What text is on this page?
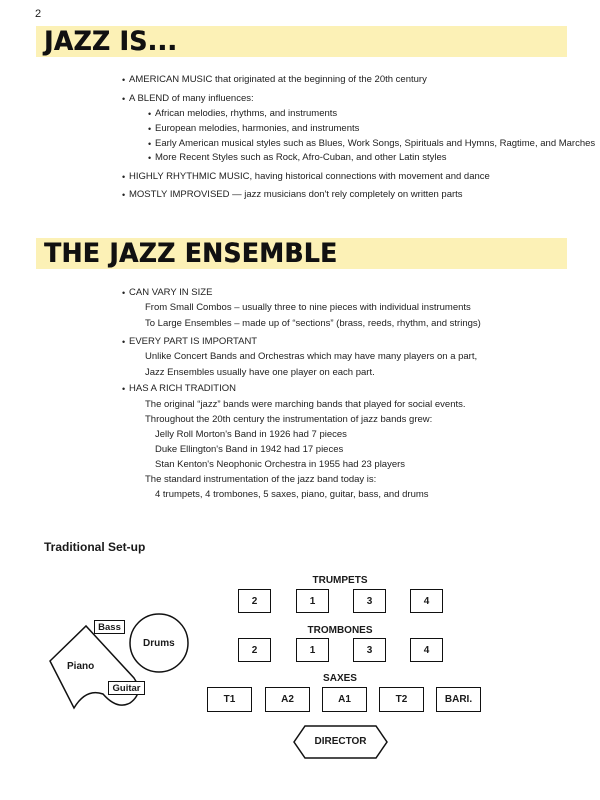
2
JAZZ IS...
• AMERICAN MUSIC that originated at the beginning of the 20th century
• A BLEND of many influences:
• African melodies, rhythms, and instruments
• European melodies, harmonies, and instruments
• Early American musical styles such as Blues, Work Songs, Spirituals and Hymns, Ragtime, and Marches
• More Recent Styles such as Rock, Afro-Cuban, and other Latin styles
• HIGHLY RHYTHMIC MUSIC, having historical connections with movement and dance
• MOSTLY IMPROVISED — jazz musicians don't rely completely on written parts
THE JAZZ ENSEMBLE
• CAN VARY IN SIZE
From Small Combos – usually three to nine pieces with individual instruments
To Large Ensembles – made up of “sections” (brass, reeds, rhythm, and strings)
• EVERY PART IS IMPORTANT
Unlike Concert Bands and Orchestras which may have many players on a part,
Jazz Ensembles usually have one player on each part.
• HAS A RICH TRADITION
The original “jazz” bands were marching bands that played for social events.
Throughout the 20th century the instrumentation of jazz bands grew:
Jelly Roll Morton's Band in 1926 had 7 pieces
Duke Ellington's Band in 1942 had 17 pieces
Stan Kenton's Neophonic Orchestra in 1955 had 23 players
The standard instrumentation of the jazz band today is:
4 trumpets, 4 trombones, 5 saxes, piano, guitar, bass, and drums
Traditional Set-up
Bass
Drums
Piano
Guitar
TRUMPETS
2	1	3	4
TROMBONES
2	1	3	4
SAXES
T1	A2	A1	T2	BARI.
DIRECTOR
